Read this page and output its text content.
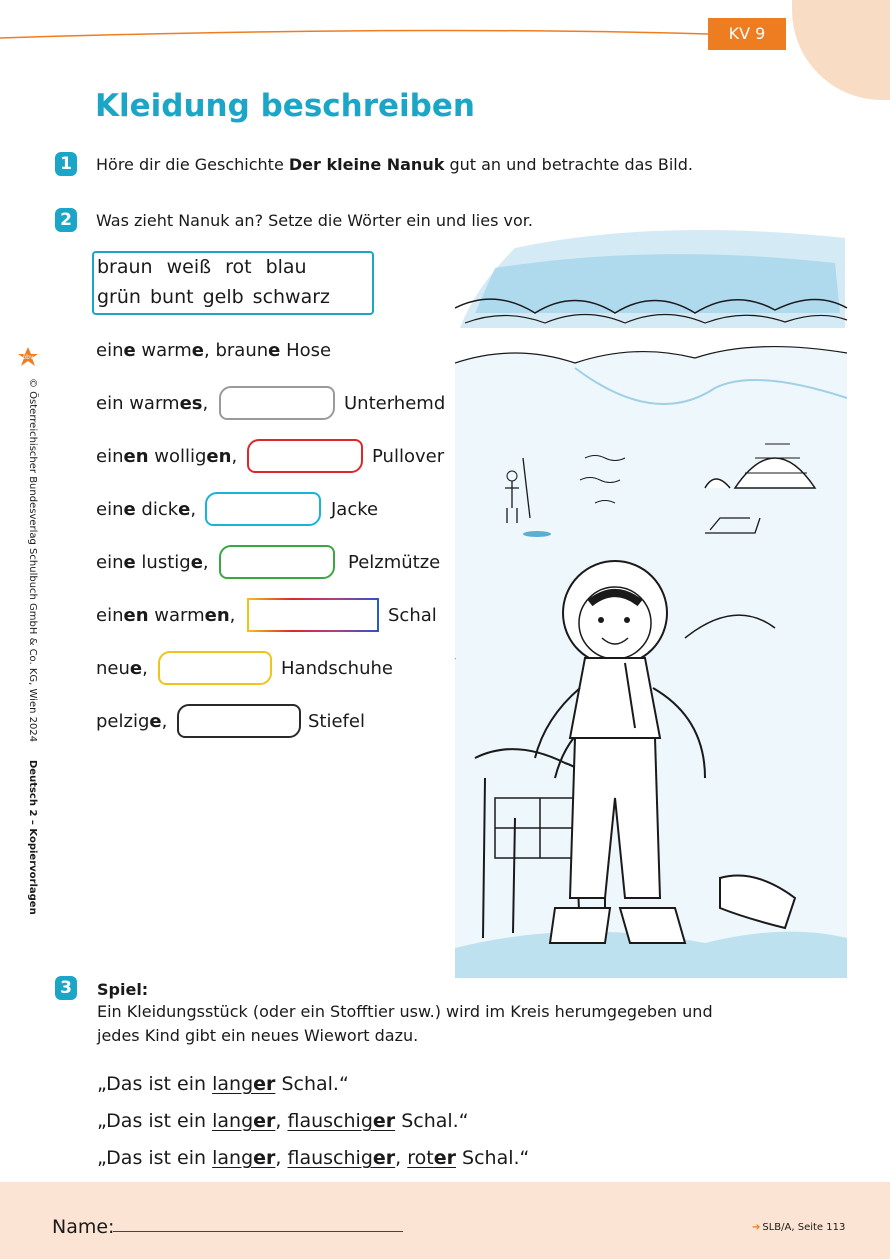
KV 9
Kleidung beschreiben
1	Höre dir die Geschichte Der kleine Nanuk gut an und betrachte das Bild.
2	Was zieht Nanuk an? Setze die Wörter ein und lies vor.
braun weiß rot blau
grün bunt gelb schwarz
eine warme, braune Hose
ein warmes,	Unterhemd
einen wolligen,	Pullover
eine dicke,	Jacke
eine lustige,	Pelzmütze
einen warmen,	Schal
neue,	Handschuhe
pelzige,	Stiefel
öbv
© Österreichischer Bundesverlag Schulbuch GmbH & Co. KG, Wien 2024
Deutsch 2 – Kopiervorlagen
3	Spiel:
Ein Kleidungsstück (oder ein Stofftier usw.) wird im Kreis herumgegeben und
jedes Kind gibt ein neues Wiewort dazu.
„Das ist ein langer Schal.“
„Das ist ein langer, flauschiger Schal.“
„Das ist ein langer, flauschiger, roter Schal.“
Name:	➔ SLB/A, Seite 113
